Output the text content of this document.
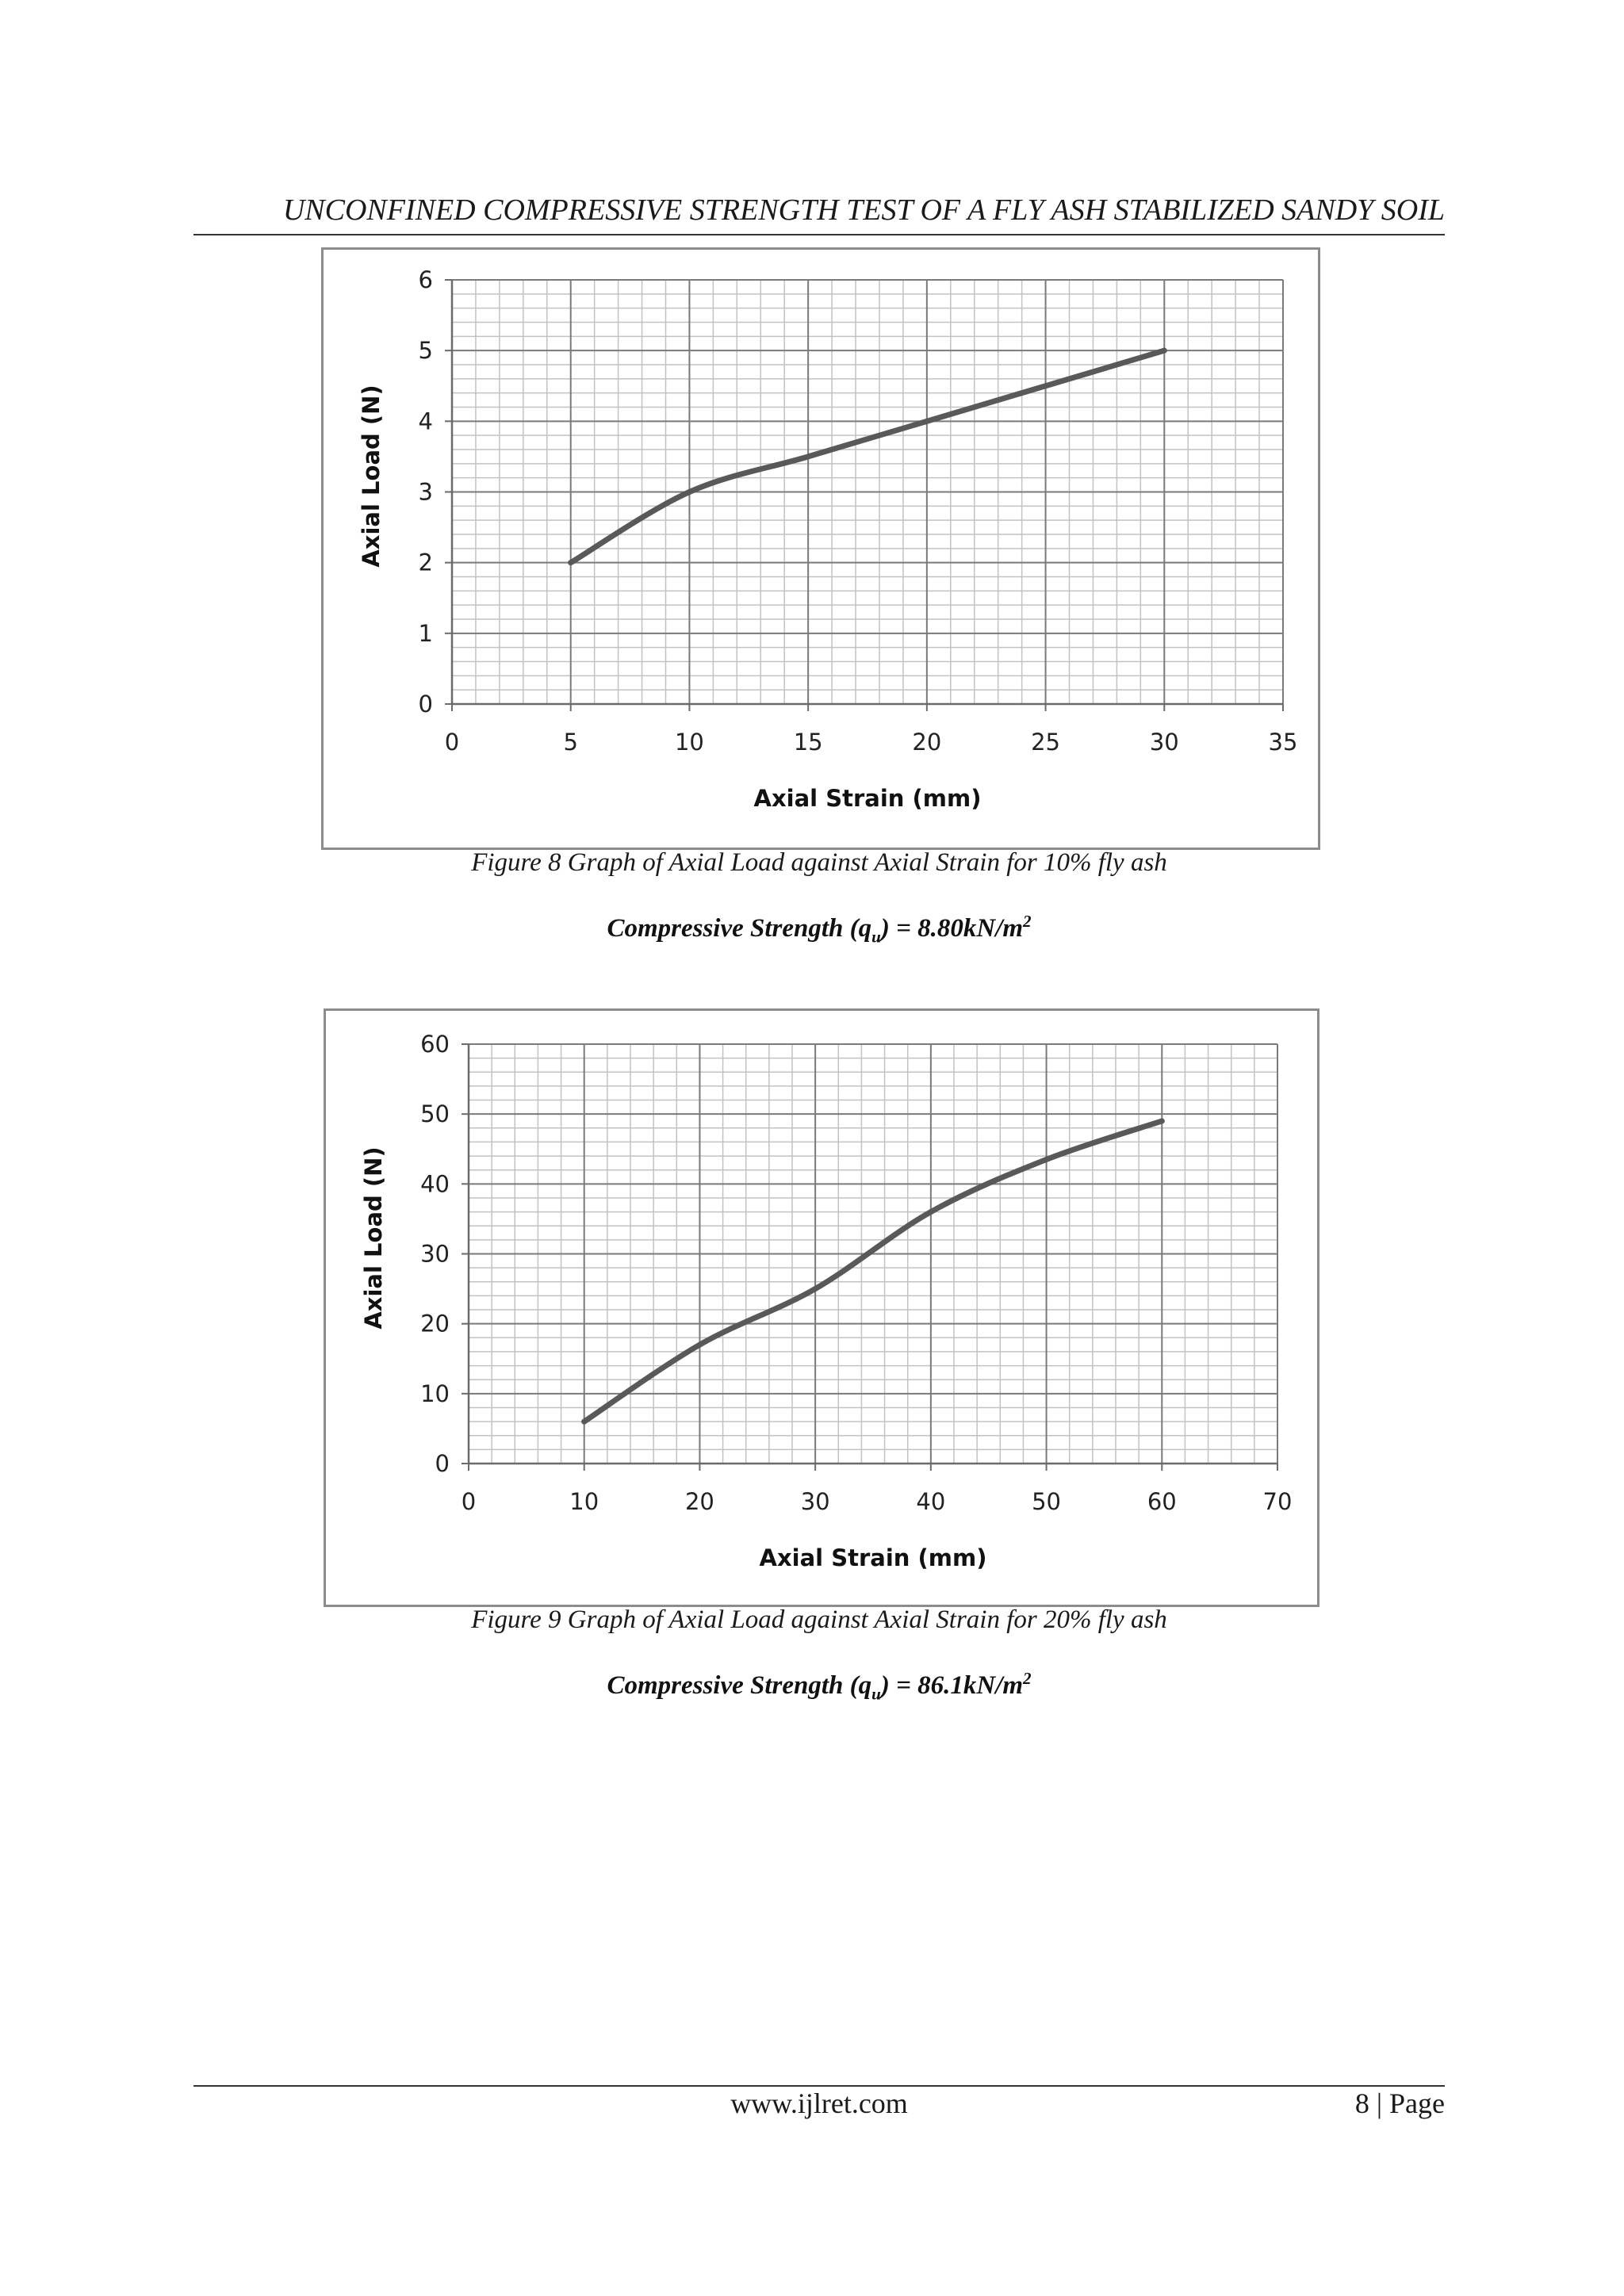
UNCONFINED COMPRESSIVE STRENGTH TEST OF A FLY ASH STABILIZED SANDY SOIL
0	5	10	15	20	25	30	35
0
1
2
3
4
5
6
Axial Strain (mm)
Axial Load (N)
Figure 8 Graph of Axial Load against Axial Strain for 10% fly ash
Compressive Strength $(q_u) = 8.80kN/m^2$
0	10	20	30	40	50	60	70
0
10
20
30
40
50
60
Axial Strain (mm)
Axial Load (N)
Figure 9 Graph of Axial Load against Axial Strain for 20% fly ash
Compressive Strength $(q_u) = 86.1kN/m^2$
www.ijlret.com	8 | Page
